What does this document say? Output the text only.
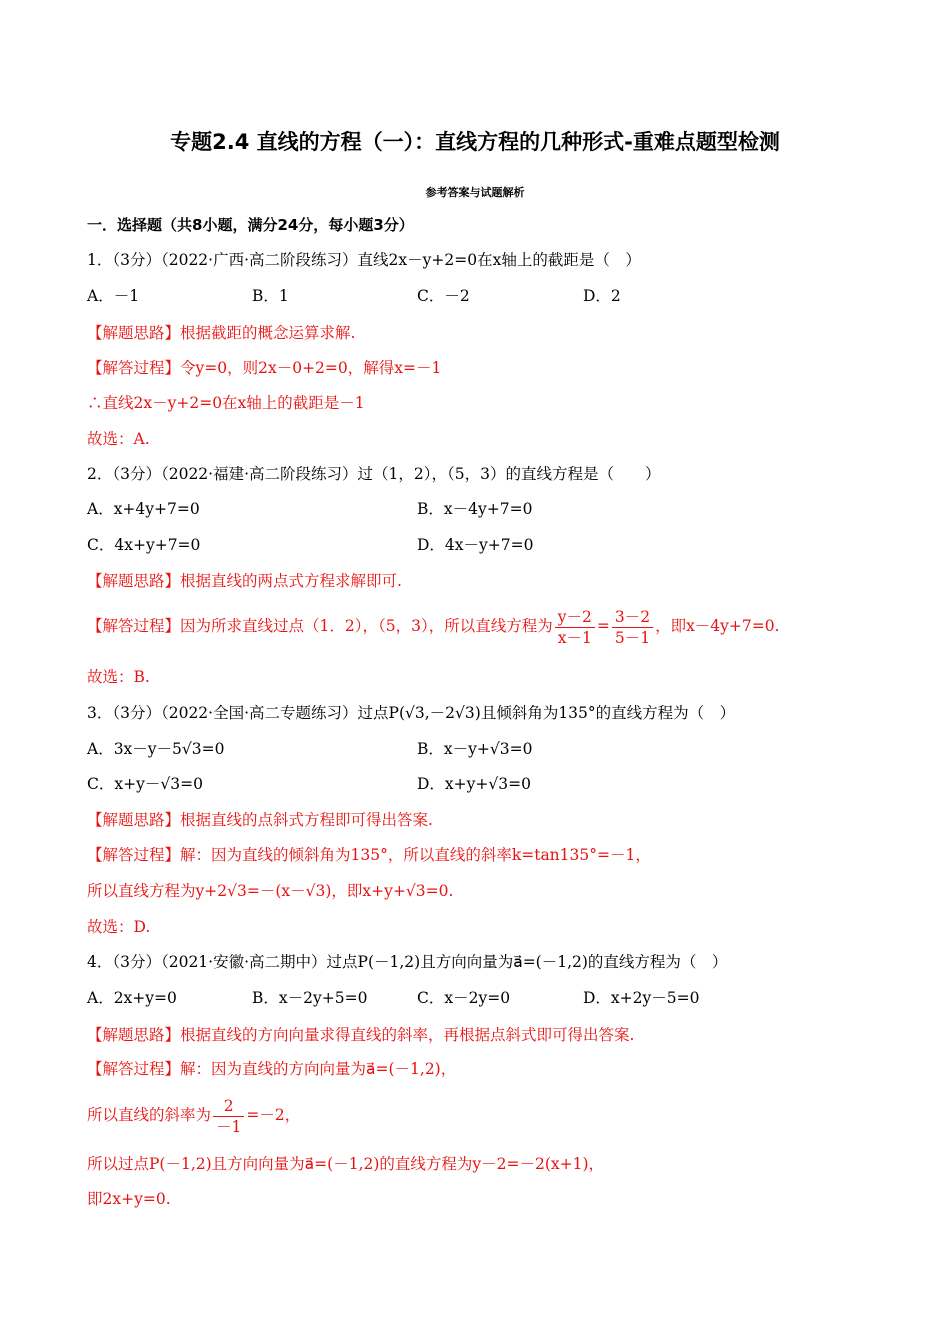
专题2.4 直线的方程（一）：直线方程的几种形式-重难点题型检测
参考答案与试题解析
一．选择题（共8小题，满分24分，每小题3分）
1．（3分）（2022·广西·高二阶段练习）直线2x－y+2=0在x轴上的截距是（　）
A．－1	B．1	C．－2	D．2
【解题思路】根据截距的概念运算求解.
【解答过程】令y=0，则2x－0+2=0，解得x=－1
∴直线2x－y+2=0在x轴上的截距是－1
故选：A.
2．（3分）（2022·福建·高二阶段练习）过（1，2），（5，3）的直线方程是（　　）
A．x+4y+7=0	B．x－4y+7=0
C．4x+y+7=0	D．4x－y+7=0
【解题思路】根据直线的两点式方程求解即可.
【解答过程】因为所求直线过点（1．2），（5，3），所以直线方程为 $\frac{y-2}{x-1} = \frac{3-2}{5-1}$ ，即x－4y+7=0.
故选：B.
3．（3分）（2022·全国·高二专题练习）过点P(√3,－2√3)且倾斜角为135°的直线方程为（　）
A．3x－y－5√3=0	B．x－y+√3=0
C．x+y－√3=0	D．x+y+√3=0
【解题思路】根据直线的点斜式方程即可得出答案.
【解答过程】解：因为直线的倾斜角为135°，所以直线的斜率k=tan135°=－1，
所以直线方程为y+2√3=－(x－√3)，即x+y+√3=0.
故选：D.
4．（3分）（2021·安徽·高二期中）过点P(－1,2)且方向向量为a⃗=(－1,2)的直线方程为（　）
A．2x+y=0	B．x－2y+5=0	C．x－2y=0	D．x+2y－5=0
【解题思路】根据直线的方向向量求得直线的斜率，再根据点斜式即可得出答案.
【解答过程】解：因为直线的方向向量为a⃗=(－1,2)，
所以直线的斜率为 $\frac{2}{-1} =-2$，
所以过点P(－1,2)且方向向量为a⃗=(－1,2)的直线方程为y－2=－2(x+1)，
即2x+y=0.
